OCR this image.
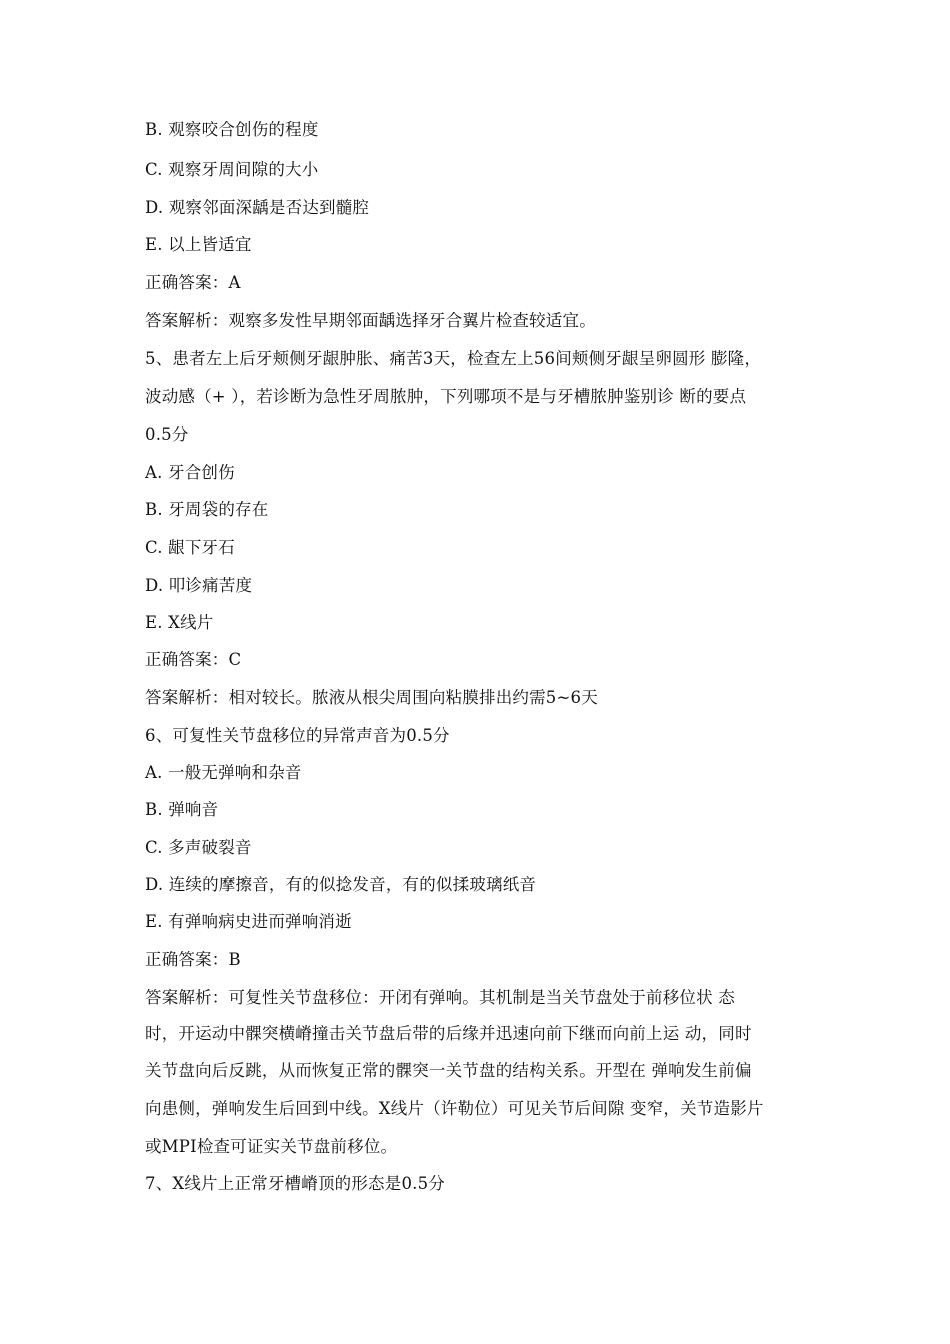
B. 观察咬合创伤的程度
C. 观察牙周间隙的大小
D. 观察邻面深龋是否达到髓腔
E. 以上皆适宜
正确答案：A
答案解析：观察多发性早期邻面龋选择牙合翼片检查较适宜。
5、患者左上后牙颊侧牙龈肿胀、痛苦3天，检查左上56间颊侧牙龈呈卵圆形 膨隆，
波动感（+ ），若诊断为急性牙周脓肿，下列哪项不是与牙槽脓肿鉴别诊 断的要点
0.5分
A. 牙合创伤
B. 牙周袋的存在
C. 龈下牙石
D. 叩诊痛苦度
E. X线片
正确答案：C
答案解析：相对较长。脓液从根尖周围向粘膜排出约需5~6天
6、可复性关节盘移位的异常声音为0.5分
A. 一般无弹响和杂音
B. 弹响音
C. 多声破裂音
D. 连续的摩擦音，有的似捻发音，有的似揉玻璃纸音
E. 有弹响病史进而弹响消逝
正确答案：B
答案解析：可复性关节盘移位：开闭有弹响。其机制是当关节盘处于前移位状 态
时，开运动中髁突横嵴撞击关节盘后带的后缘并迅速向前下继而向前上运 动，同时
关节盘向后反跳，从而恢复正常的髁突一关节盘的结构关系。开型在 弹响发生前偏
向患侧，弹响发生后回到中线。X线片（许勒位）可见关节后间隙 变窄，关节造影片
或MPI检查可证实关节盘前移位。
7、X线片上正常牙槽嵴顶的形态是0.5分
